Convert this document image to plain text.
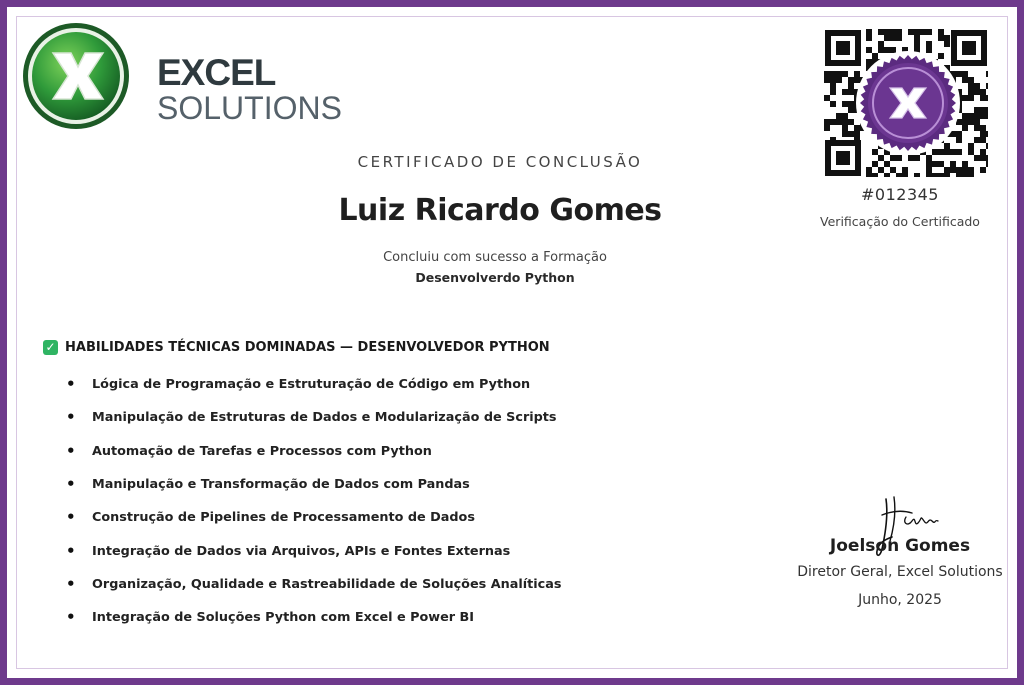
EXCEL
SOLUTIONS
CERTIFICADO DE CONCLUSÃO
Luiz Ricardo Gomes
Concluiu com sucesso a Formação
Desenvolverdo Python
#012345
Verificação do Certificado
✓ HABILIDADES TÉCNICAS DOMINADAS — DESENVOLVEDOR PYTHON
•	Lógica de Programação e Estruturação de Código em Python
•	Manipulação de Estruturas de Dados e Modularização de Scripts
•	Automação de Tarefas e Processos com Python
•	Manipulação e Transformação de Dados com Pandas
•	Construção de Pipelines de Processamento de Dados
•	Integração de Dados via Arquivos, APIs e Fontes Externas
•	Organização, Qualidade e Rastreabilidade de Soluções Analíticas
•	Integração de Soluções Python com Excel e Power BI
Joelson Gomes
Diretor Geral, Excel Solutions
Junho, 2025
